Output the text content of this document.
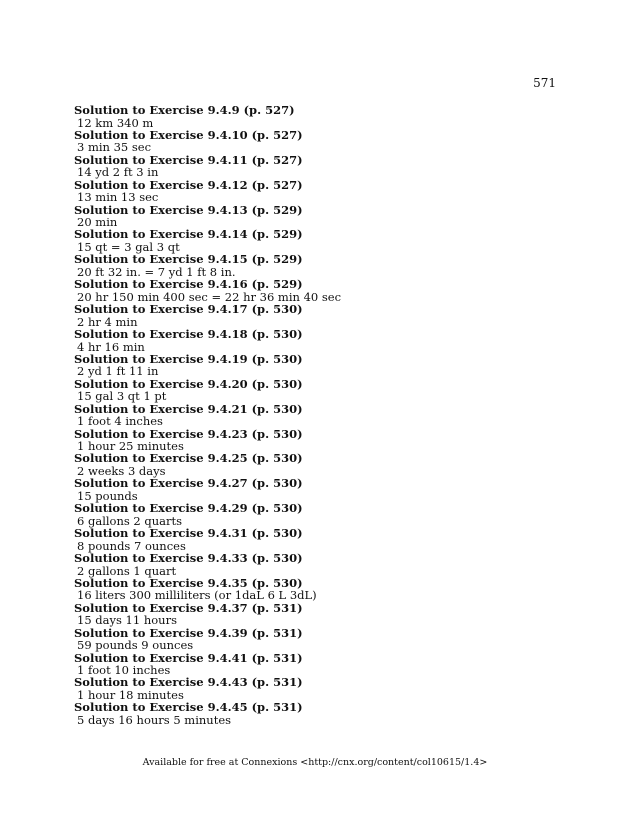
571
Solution to Exercise 9.4.9 (p. 527)
12 km 340 m
Solution to Exercise 9.4.10 (p. 527)
3 min 35 sec
Solution to Exercise 9.4.11 (p. 527)
14 yd 2 ft 3 in
Solution to Exercise 9.4.12 (p. 527)
13 min 13 sec
Solution to Exercise 9.4.13 (p. 529)
20 min
Solution to Exercise 9.4.14 (p. 529)
15 qt = 3 gal 3 qt
Solution to Exercise 9.4.15 (p. 529)
20 ft 32 in. = 7 yd 1 ft 8 in.
Solution to Exercise 9.4.16 (p. 529)
20 hr 150 min 400 sec = 22 hr 36 min 40 sec
Solution to Exercise 9.4.17 (p. 530)
2 hr 4 min
Solution to Exercise 9.4.18 (p. 530)
4 hr 16 min
Solution to Exercise 9.4.19 (p. 530)
2 yd 1 ft 11 in
Solution to Exercise 9.4.20 (p. 530)
15 gal 3 qt 1 pt
Solution to Exercise 9.4.21 (p. 530)
1 foot 4 inches
Solution to Exercise 9.4.23 (p. 530)
1 hour 25 minutes
Solution to Exercise 9.4.25 (p. 530)
2 weeks 3 days
Solution to Exercise 9.4.27 (p. 530)
15 pounds
Solution to Exercise 9.4.29 (p. 530)
6 gallons 2 quarts
Solution to Exercise 9.4.31 (p. 530)
8 pounds 7 ounces
Solution to Exercise 9.4.33 (p. 530)
2 gallons 1 quart
Solution to Exercise 9.4.35 (p. 530)
16 liters 300 milliliters (or 1daL 6 L 3dL)
Solution to Exercise 9.4.37 (p. 531)
15 days 11 hours
Solution to Exercise 9.4.39 (p. 531)
59 pounds 9 ounces
Solution to Exercise 9.4.41 (p. 531)
1 foot 10 inches
Solution to Exercise 9.4.43 (p. 531)
1 hour 18 minutes
Solution to Exercise 9.4.45 (p. 531)
5 days 16 hours 5 minutes
Available for free at Connexions <http://cnx.org/content/col10615/1.4>
